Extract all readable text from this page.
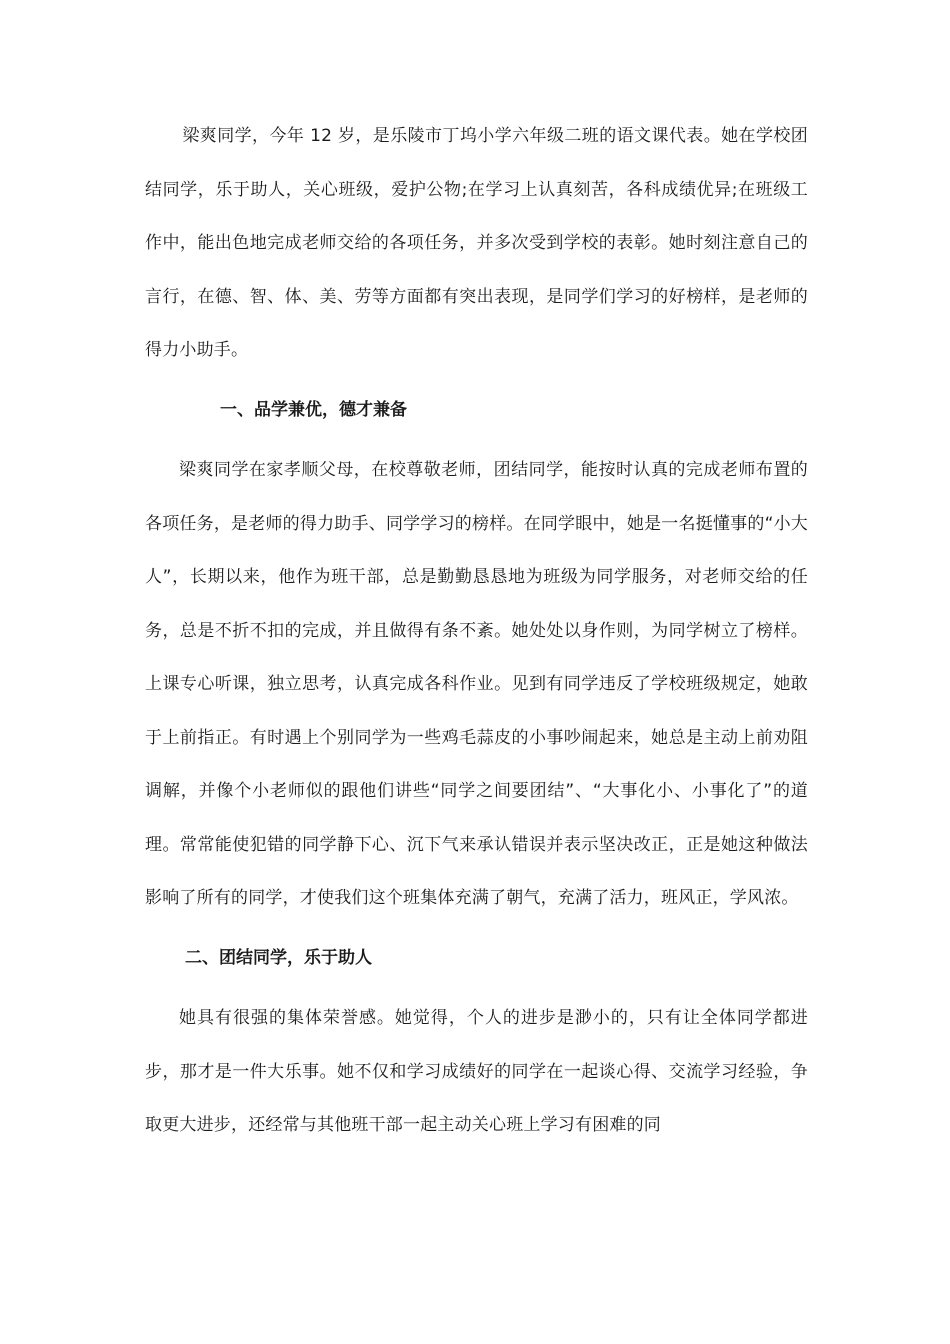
梁爽同学，今年 12 岁，是乐陵市丁坞小学六年级二班的语文课代表。她在学校团结同学，乐于助人，关心班级，爱护公物;在学习上认真刻苦，各科成绩优异;在班级工作中，能出色地完成老师交给的各项任务，并多次受到学校的表彰。她时刻注意自己的言行，在德、智、体、美、劳等方面都有突出表现，是同学们学习的好榜样，是老师的得力小助手。

一、品学兼优，德才兼备

梁爽同学在家孝顺父母，在校尊敬老师，团结同学，能按时认真的完成老师布置的各项任务，是老师的得力助手、同学学习的榜样。在同学眼中，她是一名挺懂事的“小大人”，长期以来，他作为班干部，总是勤勤恳恳地为班级为同学服务，对老师交给的任务，总是不折不扣的完成，并且做得有条不紊。她处处以身作则，为同学树立了榜样。上课专心听课，独立思考，认真完成各科作业。见到有同学违反了学校班级规定，她敢于上前指正。有时遇上个别同学为一些鸡毛蒜皮的小事吵闹起来，她总是主动上前劝阻调解，并像个小老师似的跟他们讲些“同学之间要团结”、“大事化小、小事化了”的道理。常常能使犯错的同学静下心、沉下气来承认错误并表示坚决改正，正是她这种做法影响了所有的同学，才使我们这个班集体充满了朝气，充满了活力，班风正，学风浓。

二、团结同学，乐于助人

她具有很强的集体荣誉感。她觉得，个人的进步是渺小的，只有让全体同学都进步，那才是一件大乐事。她不仅和学习成绩好的同学在一起谈心得、交流学习经验，争取更大进步，还经常与其他班干部一起主动关心班上学习有困难的同
